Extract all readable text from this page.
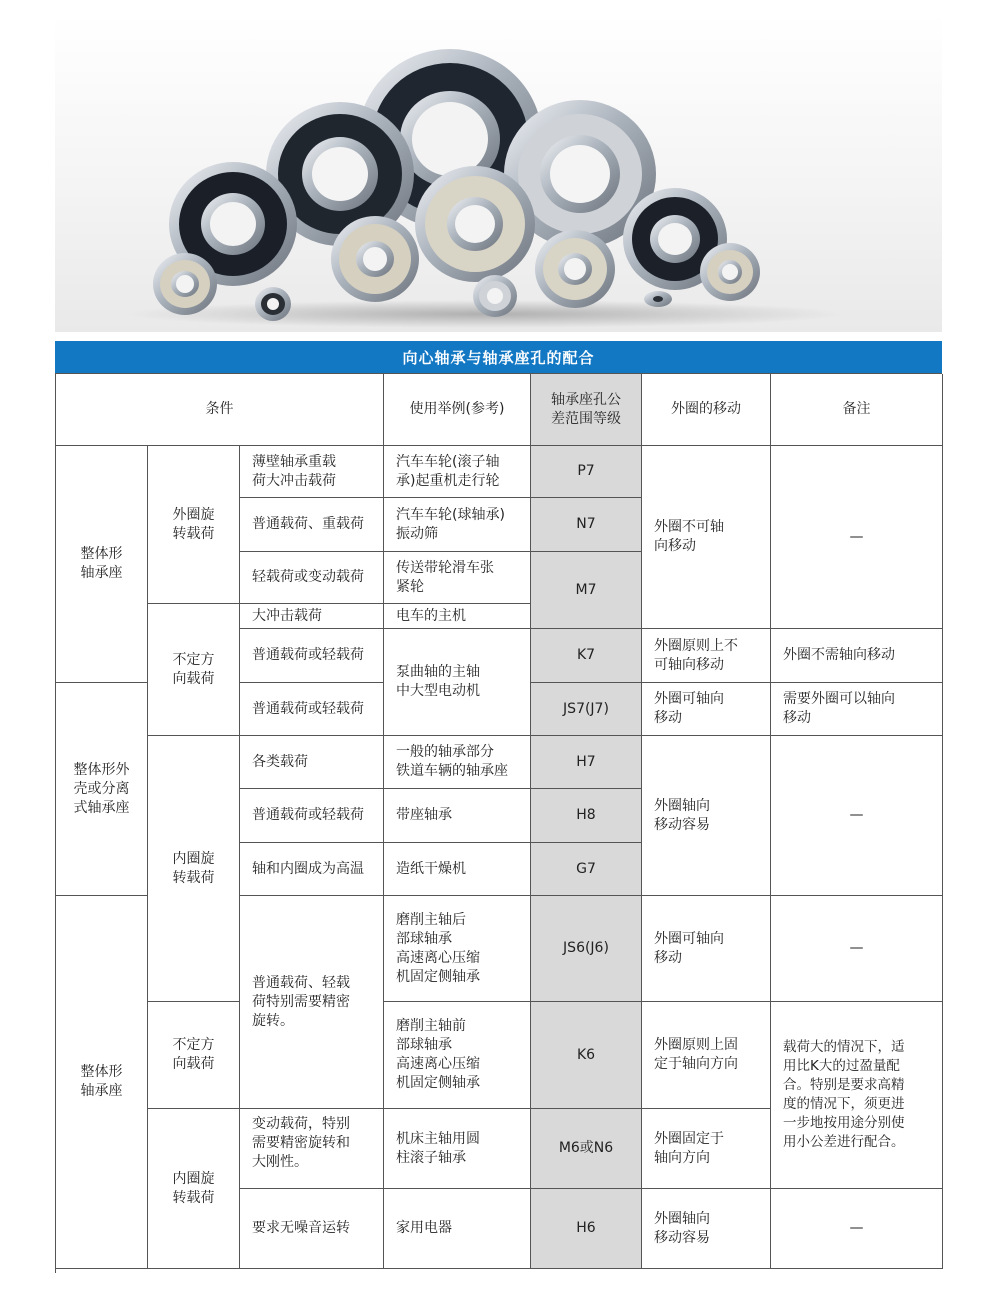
向心轴承与轴承座孔的配合
条件	使用举例(参考)
轴承座孔公
差范围等级
外圈的移动	备注
整体形
轴承座
整体形外
壳或分离
式轴承座
整体形
轴承座
外圈旋
转载荷
不定方
向载荷
内圈旋
转载荷
不定方
向载荷
内圈旋
转载荷
薄壁轴承重载
荷大冲击载荷
普通载荷、重载荷
轻载荷或变动载荷
大冲击载荷
普通载荷或轻载荷
普通载荷或轻载荷
各类载荷
普通载荷或轻载荷
轴和内圈成为高温
普通载荷、轻载
荷特别需要精密
旋转。
变动载荷，特别
需要精密旋转和
大刚性。
要求无噪音运转
汽车车轮(滚子轴
承)起重机走行轮
汽车车轮(球轴承)
振动筛
传送带轮滑车张
紧轮
电车的主机
泵曲轴的主轴
中大型电动机
一般的轴承部分
铁道车辆的轴承座
带座轴承
造纸干燥机
磨削主轴后
部球轴承
高速离心压缩
机固定侧轴承
磨削主轴前
部球轴承
高速离心压缩
机固定侧轴承
机床主轴用圆
柱滚子轴承
家用电器
P7
N7
M7
K7
JS7(J7)
H7
H8
G7
JS6(J6)
K6
M6或N6
H6
外圈不可轴
向移动
外圈原则上不
可轴向移动
外圈可轴向
移动
外圈轴向
移动容易
外圈可轴向
移动
外圈原则上固
定于轴向方向
外圈固定于
轴向方向
外圈轴向
移动容易
—
外圈不需轴向移动
需要外圈可以轴向
移动
—
—
载荷大的情况下，适
用比K大的过盈量配
合。特别是要求高精
度的情况下，须更进
一步地按用途分别使
用小公差进行配合。
—
